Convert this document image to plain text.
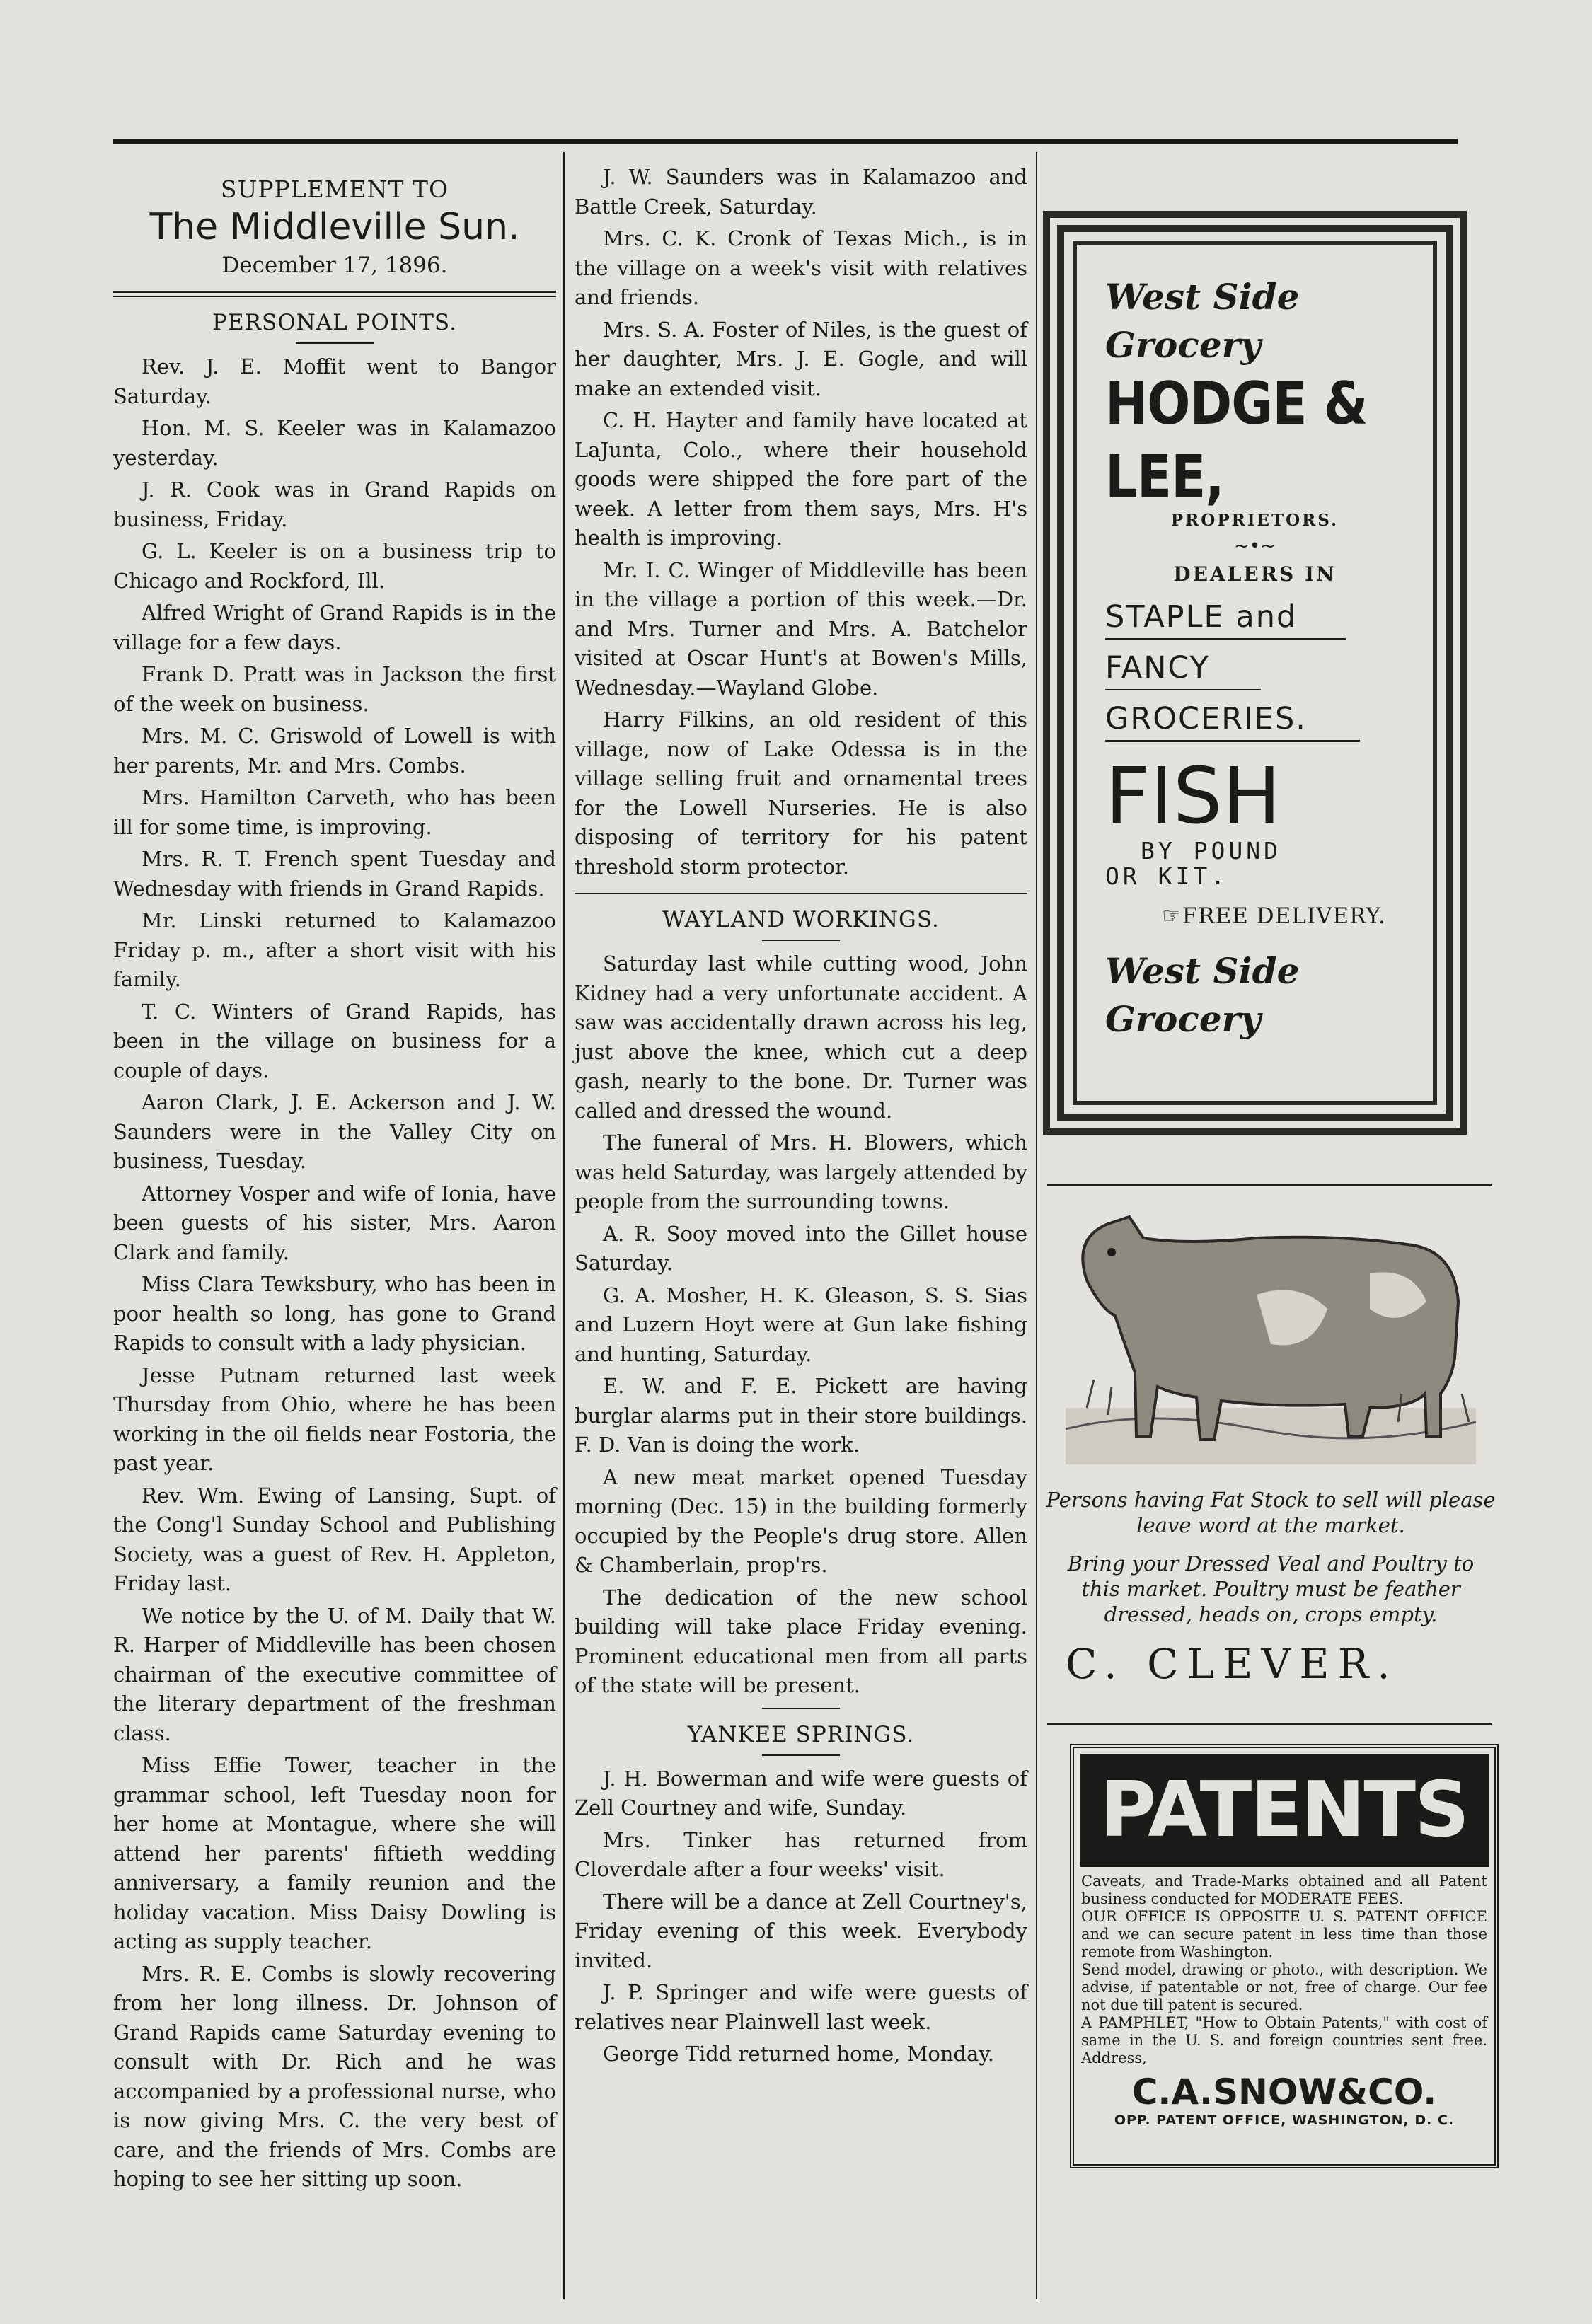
SUPPLEMENT TO
The Middleville Sun.
December 17, 1896.
PERSONAL POINTS.

Rev. J. E. Moffit went to Bangor Saturday.

Hon. M. S. Keeler was in Kalamazoo yesterday.

J. R. Cook was in Grand Rapids on business, Friday.

G. L. Keeler is on a business trip to Chicago and Rockford, Ill.

Alfred Wright of Grand Rapids is in the village for a few days.

Frank D. Pratt was in Jackson the first of the week on business.

Mrs. M. C. Griswold of Lowell is with her parents, Mr. and Mrs. Combs.

Mrs. Hamilton Carveth, who has been ill for some time, is improving.

Mrs. R. T. French spent Tuesday and Wednesday with friends in Grand Rapids.

Mr. Linski returned to Kalamazoo Friday p. m., after a short visit with his family.

T. C. Winters of Grand Rapids, has been in the village on business for a couple of days.

Aaron Clark, J. E. Ackerson and J. W. Saunders were in the Valley City on business, Tuesday.

Attorney Vosper and wife of Ionia, have been guests of his sister, Mrs. Aaron Clark and family.

Miss Clara Tewksbury, who has been in poor health so long, has gone to Grand Rapids to consult with a lady physician.

Jesse Putnam returned last week Thursday from Ohio, where he has been working in the oil fields near Fostoria, the past year.

Rev. Wm. Ewing of Lansing, Supt. of the Cong'l Sunday School and Publishing Society, was a guest of Rev. H. Appleton, Friday last.

We notice by the U. of M. Daily that W. R. Harper of Middleville has been chosen chairman of the executive committee of the literary department of the freshman class.

Miss Effie Tower, teacher in the grammar school, left Tuesday noon for her home at Montague, where she will attend her parents' fiftieth wedding anniversary, a family reunion and the holiday vacation. Miss Daisy Dowling is acting as supply teacher.

Mrs. R. E. Combs is slowly recovering from her long illness. Dr. Johnson of Grand Rapids came Saturday evening to consult with Dr. Rich and he was accompanied by a professional nurse, who is now giving Mrs. C. the very best of care, and the friends of Mrs. Combs are hoping to see her sitting up soon.

J. W. Saunders was in Kalamazoo and Battle Creek, Saturday.

Mrs. C. K. Cronk of Texas Mich., is in the village on a week's visit with relatives and friends.

Mrs. S. A. Foster of Niles, is the guest of her daughter, Mrs. J. E. Gogle, and will make an extended visit.

C. H. Hayter and family have located at LaJunta, Colo., where their household goods were shipped the fore part of the week. A letter from them says, Mrs. H's health is improving.

Mr. I. C. Winger of Middleville has been in the village a portion of this week.—Dr. and Mrs. Turner and Mrs. A. Batchelor visited at Oscar Hunt's at Bowen's Mills, Wednesday.—Wayland Globe.

Harry Filkins, an old resident of this village, now of Lake Odessa is in the village selling fruit and ornamental trees for the Lowell Nurseries. He is also disposing of territory for his patent threshold storm protector.

WAYLAND WORKINGS.

Saturday last while cutting wood, John Kidney had a very unfortunate accident. A saw was accidentally drawn across his leg, just above the knee, which cut a deep gash, nearly to the bone. Dr. Turner was called and dressed the wound.

The funeral of Mrs. H. Blowers, which was held Saturday, was largely attended by people from the surrounding towns.

A. R. Sooy moved into the Gillet house Saturday.

G. A. Mosher, H. K. Gleason, S. S. Sias and Luzern Hoyt were at Gun lake fishing and hunting, Saturday.

E. W. and F. E. Pickett are having burglar alarms put in their store buildings. F. D. Van is doing the work.

A new meat market opened Tuesday morning (Dec. 15) in the building formerly occupied by the People's drug store. Allen & Chamberlain, prop'rs.

The dedication of the new school building will take place Friday evening. Prominent educational men from all parts of the state will be present.

YANKEE SPRINGS.

J. H. Bowerman and wife were guests of Zell Courtney and wife, Sunday.

Mrs. Tinker has returned from Cloverdale after a four weeks' visit.

There will be a dance at Zell Courtney's, Friday evening of this week. Everybody invited.

J. P. Springer and wife were guests of relatives near Plainwell last week.

George Tidd returned home, Monday.

West Side
Grocery
HODGE & LEE,
PROPRIETORS.
~•~
DEALERS IN
STAPLE and
FANCY
GROCERIES.
FISH
BY POUND
OR KIT.
☞FREE DELIVERY.
West Side
Grocery
Persons having Fat Stock to sell will please leave word at the market.
Bring your Dressed Veal and Poultry to this market. Poultry must be feather dressed, heads on, crops empty.
C. CLEVER.
PATENTS
Caveats, and Trade-Marks obtained and all Patent business conducted for MODERATE FEES.
OUR OFFICE IS OPPOSITE U. S. PATENT OFFICE and we can secure patent in less time than those remote from Washington.
Send model, drawing or photo., with description. We advise, if patentable or not, free of charge. Our fee not due till patent is secured.
A PAMPHLET, "How to Obtain Patents," with cost of same in the U. S. and foreign countries sent free. Address,
C.A.SNOW&CO.
OPP. PATENT OFFICE, WASHINGTON, D. C.
